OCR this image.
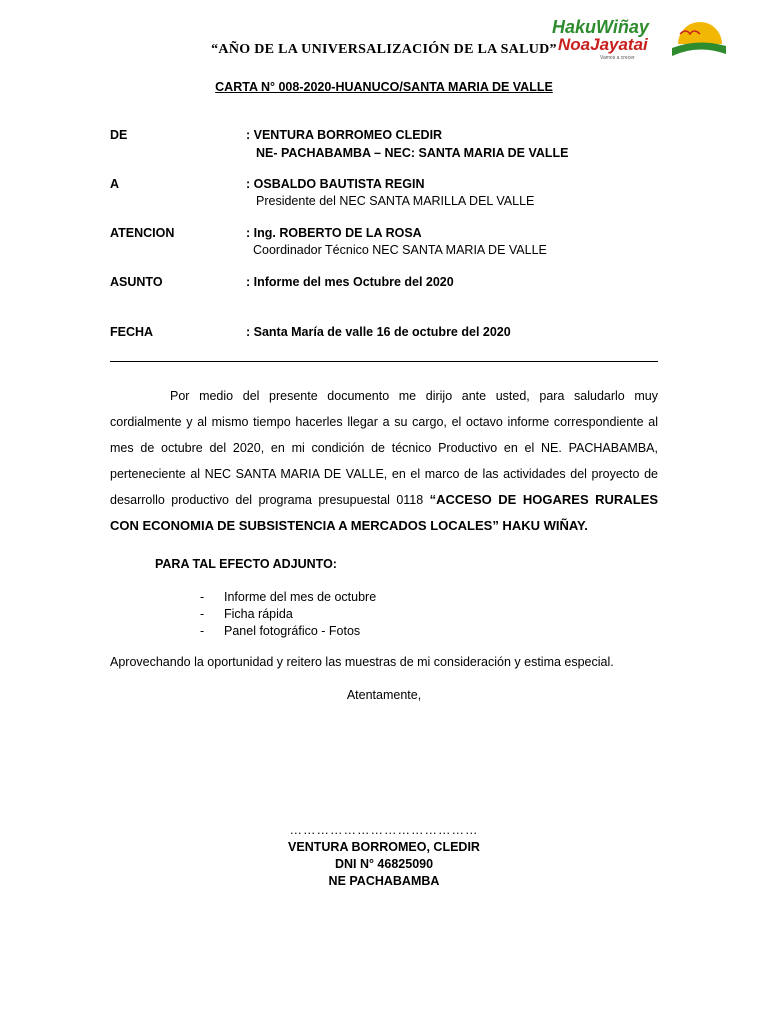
“AÑO DE LA UNIVERSALIZACIÓN DE LA SALUD”
HakuWiñay
NoaJayatai
Vamos a crecer
CARTA N° 008-2020-HUANUCO/SANTA MARIA DE VALLE
DE	: VENTURA BORROMEO CLEDIR
NE- PACHABAMBA – NEC: SANTA MARIA DE VALLE
A	: OSBALDO BAUTISTA REGIN
Presidente del NEC SANTA MARILLA DEL VALLE
ATENCION	: Ing. ROBERTO DE LA ROSA
Coordinador Técnico NEC SANTA MARIA DE VALLE
ASUNTO	: Informe del mes Octubre del 2020
FECHA	: Santa María de valle 16 de octubre del 2020
Por medio del presente documento me dirijo ante usted, para saludarlo muy cordialmente y al mismo tiempo hacerles llegar a su cargo, el octavo informe correspondiente al mes de octubre del 2020, en mi condición de técnico Productivo en el NE. PACHABAMBA, perteneciente al NEC SANTA MARIA DE VALLE, en el marco de las actividades del proyecto de desarrollo productivo del programa presupuestal 0118 “ACCESO DE HOGARES RURALES CON ECONOMIA DE SUBSISTENCIA A MERCADOS LOCALES” HAKU WIÑAY.
PARA TAL EFECTO ADJUNTO:
- Informe del mes de octubre
- Ficha rápida
- Panel fotográfico - Fotos
Aprovechando la oportunidad y reitero las muestras de mi consideración y estima especial.
Atentamente,
……………………………………
VENTURA BORROMEO, CLEDIR
DNI N° 46825090
NE PACHABAMBA
